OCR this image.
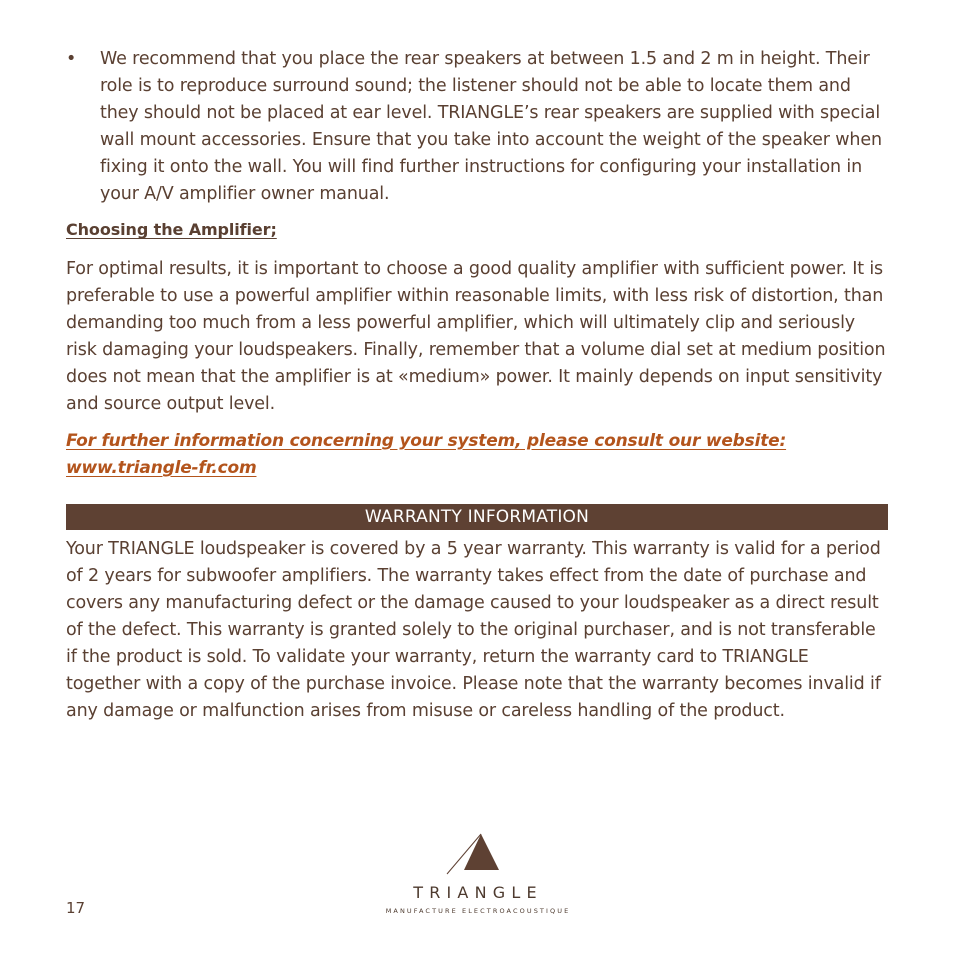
•	We recommend that you place the rear speakers at between 1.5 and 2 m in height. Their role is to reproduce surround sound; the listener should not be able to locate them and they should not be placed at ear level. TRIANGLE’s rear speakers are supplied with special wall mount accessories. Ensure that you take into account the weight of the speaker when fixing it onto the wall. You will find further instructions for configuring your installation in your A/V amplifier owner manual.

Choosing the Amplifier;

For optimal results, it is important to choose a good quality amplifier with sufficient power. It is preferable to use a powerful amplifier within reasonable limits, with less risk of distortion, than demanding too much from a less powerful amplifier, which will ultimately clip and seriously risk damaging your loudspeakers. Finally, remember that a volume dial set at medium position does not mean that the amplifier is at «medium» power. It mainly depends on input sensitivity and source output level.

For further information concerning your system, please consult our website:
www.triangle-fr.com

WARRANTY INFORMATION

Your TRIANGLE loudspeaker is covered by a 5 year warranty. This warranty is valid for a period of 2 years for subwoofer amplifiers. The warranty takes effect from the date of purchase and covers any manufacturing defect or the damage caused to your loudspeaker as a direct result of the defect. This warranty is granted solely to the original purchaser, and is not transferable if the product is sold. To validate your warranty, return the warranty card to TRIANGLE together with a copy of the purchase invoice. Please note that the warranty becomes invalid if any damage or malfunction arises from misuse or careless handling of the product.

17
TRIANGLE
MANUFACTURE ELECTROACOUSTIQUE
